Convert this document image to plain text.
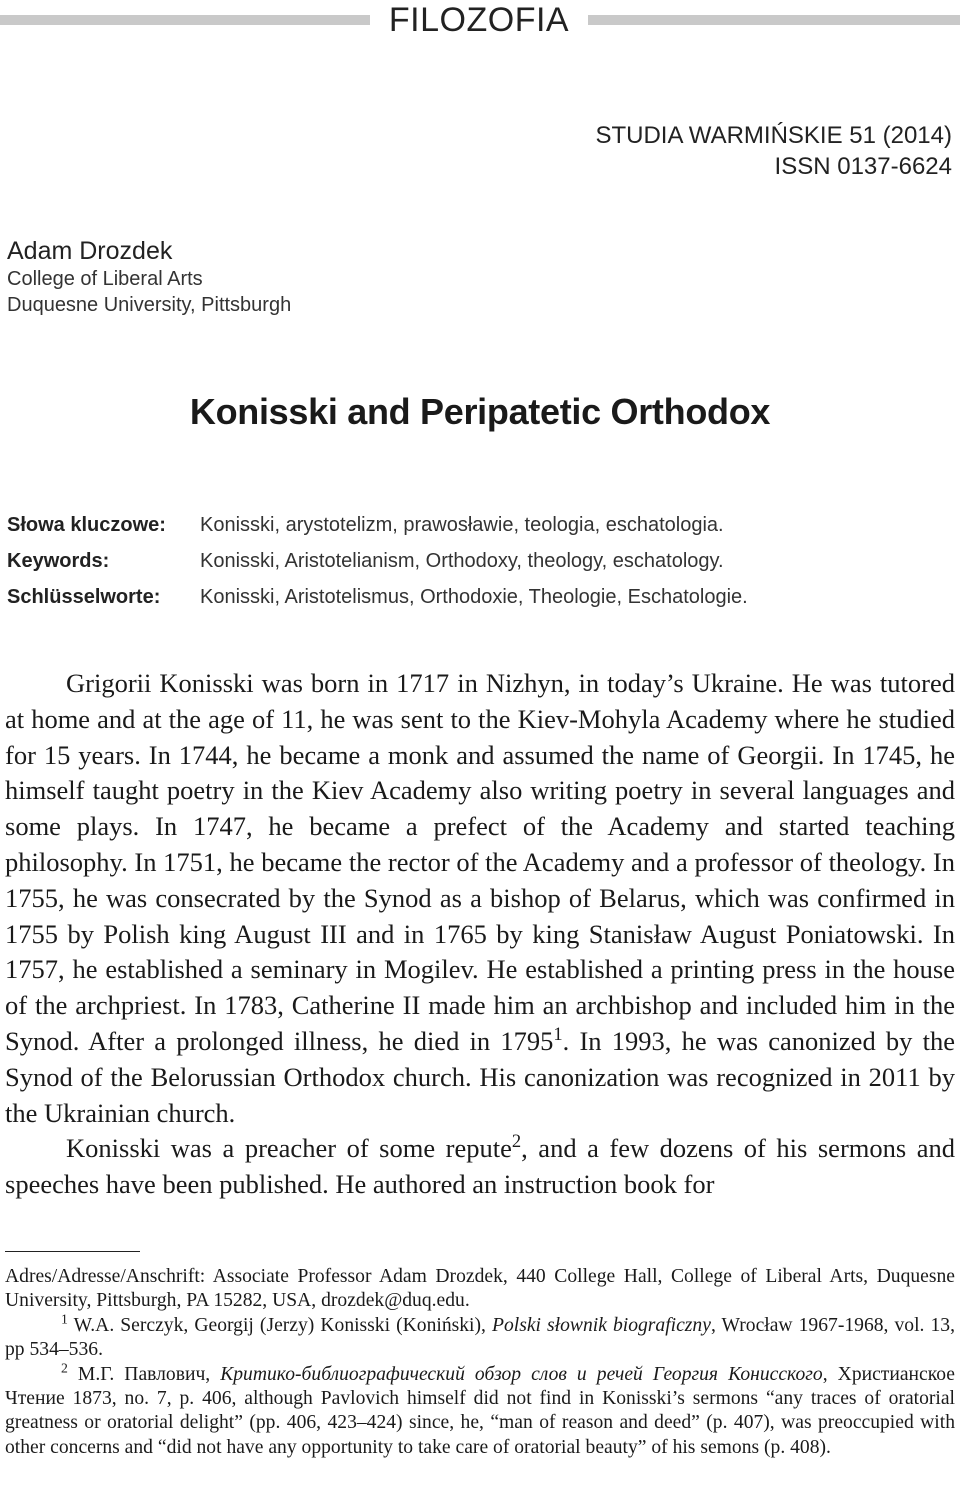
FILOZOFIA
STUDIA WARMIŃSKIE 51 (2014)
ISSN 0137-6624
Adam Drozdek
College of Liberal Arts
Duquesne University, Pittsburgh
Konisski and Peripatetic Orthodox
Słowa kluczowe:	Konisski, arystotelizm, prawosławie, teologia, eschatologia.
Keywords:	Konisski, Aristotelianism, Orthodoxy, theology, eschatology.
Schlüsselworte:	Konisski, Aristotelismus, Orthodoxie, Theologie, Eschatologie.

Grigorii Konisski was born in 1717 in Nizhyn, in today’s Ukraine. He was tutored at home and at the age of 11, he was sent to the Kiev-Mohyla Academy where he studied for 15 years. In 1744, he became a monk and assumed the name of Georgii. In 1745, he himself taught poetry in the Kiev Academy also writing poetry in several languages and some plays. In 1747, he became a prefect of the Academy and started teaching philosophy. In 1751, he became the rector of the Academy and a professor of theology. In 1755, he was consecrated by the Synod as a bishop of Belarus, which was confirmed in 1755 by Polish king August III and in 1765 by king Stanisław August Poniatowski. In 1757, he established a seminary in Mogilev. He established a printing press in the house of the archpriest. In 1783, Catherine II made him an archbishop and included him in the Synod. After a prolonged illness, he died in 1795$^1$. In 1993, he was canonized by the Synod of the Belorussian Orthodox church. His canonization was recognized in 2011 by the Ukrainian church.

Konisski was a preacher of some repute$^2$, and a few dozens of his sermons and speeches have been published. He authored an instruction book for

Adres/Adresse/Anschrift: Associate Professor Adam Drozdek, 440 College Hall, College of Liberal Arts, Duquesne University, Pittsburgh, PA 15282, USA, drozdek@duq.edu.

$^1$ W.A. Serczyk, Georgij (Jerzy) Konisski (Koniński), Polski słownik biograficzny, Wrocław 1967-1968, vol. 13, pp 534–536.

$^2$ М.Г. Павлович, Критико-библиографический обзор слов и речей Георгия Конисского, Христианское Чтение 1873, no. 7, p. 406, although Pavlovich himself did not find in Konisski’s sermons “any traces of oratorial greatness or oratorial delight” (pp. 406, 423–424) since, he, “man of reason and deed” (p. 407), was preoccupied with other concerns and “did not have any opportunity to take care of oratorial beauty” of his semons (p. 408).
